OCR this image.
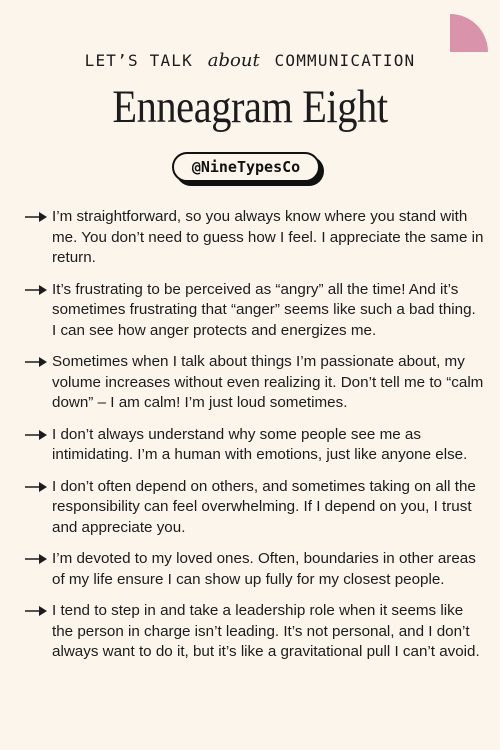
LET’S TALK about COMMUNICATION
Enneagram Eight
@NineTypesCo
I’m straightforward, so you always know where you stand with me. You don’t need to guess how I feel. I appreciate the same in return.
It’s frustrating to be perceived as “angry” all the time! And it’s sometimes frustrating that “anger” seems like such a bad thing. I can see how anger protects and energizes me.
Sometimes when I talk about things I’m passionate about, my volume increases without even realizing it. Don’t tell me to “calm down” – I am calm! I’m just loud sometimes.
I don’t always understand why some people see me as intimidating. I’m a human with emotions, just like anyone else.
I don’t often depend on others, and sometimes taking on all the responsibility can feel overwhelming. If I depend on you, I trust and appreciate you.
I’m devoted to my loved ones. Often, boundaries in other areas of my life ensure I can show up fully for my closest people.
I tend to step in and take a leadership role when it seems like the person in charge isn’t leading. It’s not personal, and I don’t always want to do it, but it’s like a gravitational pull I can’t avoid.
